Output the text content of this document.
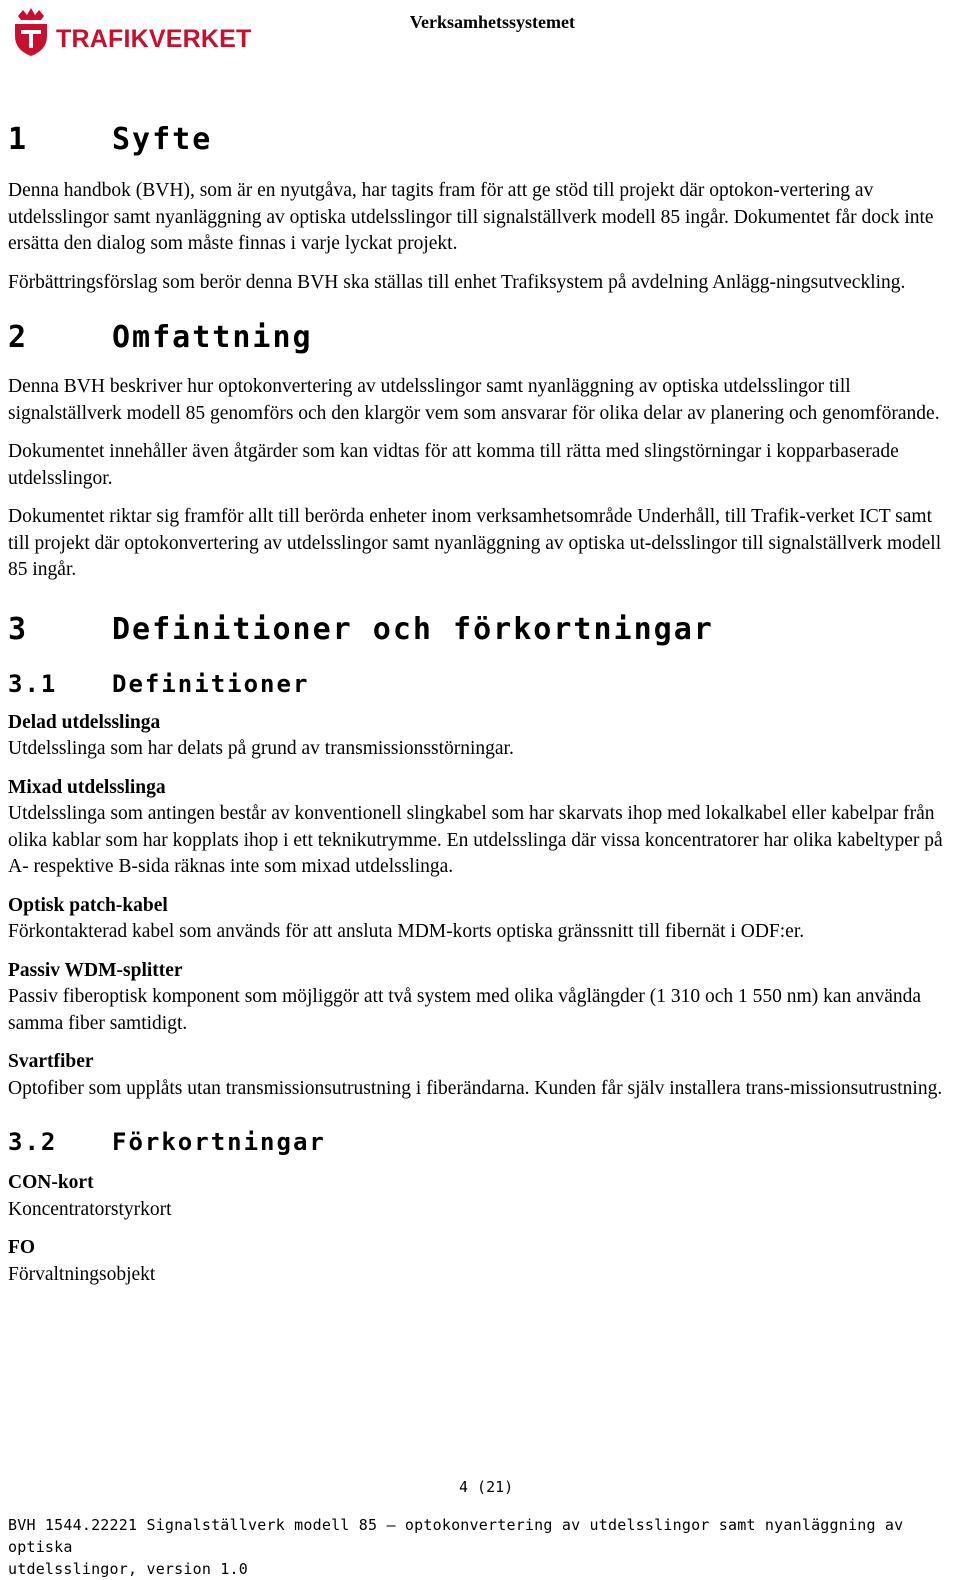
TRAFIKVERKET
Verksamhetssystemet
1	Syfte

Denna handbok (BVH), som är en nyutgåva, har tagits fram för att ge stöd till projekt där optokon-vertering av utdelsslingor samt nyanläggning av optiska utdelsslingor till signalställverk modell 85 ingår. Dokumentet får dock inte ersätta den dialog som måste finnas i varje lyckat projekt.

Förbättringsförslag som berör denna BVH ska ställas till enhet Trafiksystem på avdelning Anlägg-ningsutveckling.

2	Omfattning

Denna BVH beskriver hur optokonvertering av utdelsslingor samt nyanläggning av optiska utdelsslingor till signalställverk modell 85 genomförs och den klargör vem som ansvarar för olika delar av planering och genomförande.

Dokumentet innehåller även åtgärder som kan vidtas för att komma till rätta med slingstörningar i kopparbaserade utdelsslingor.

Dokumentet riktar sig framför allt till berörda enheter inom verksamhetsområde Underhåll, till Trafik-verket ICT samt till projekt där optokonvertering av utdelsslingor samt nyanläggning av optiska ut-delsslingor till signalställverk modell 85 ingår.

3	Definitioner och förkortningar
3.1 Definitioner
Delad utdelsslinga

Utdelsslinga som har delats på grund av transmissionsstörningar.

Mixad utdelsslinga

Utdelsslinga som antingen består av konventionell slingkabel som har skarvats ihop med lokalkabel eller kabelpar från olika kablar som har kopplats ihop i ett teknikutrymme. En utdelsslinga där vissa koncentratorer har olika kabeltyper på A- respektive B-sida räknas inte som mixad utdelsslinga.

Optisk patch-kabel

Förkontakterad kabel som används för att ansluta MDM-korts optiska gränssnitt till fibernät i ODF:er.

Passiv WDM-splitter

Passiv fiberoptisk komponent som möjliggör att två system med olika våglängder (1 310 och 1 550 nm) kan använda samma fiber samtidigt.

Svartfiber

Optofiber som upplåts utan transmissionsutrustning i fiberändarna. Kunden får själv installera trans-missionsutrustning.

3.2 Förkortningar
CON-kort

Koncentratorstyrkort

FO

Förvaltningsobjekt

4 (21)
BVH 1544.22221 Signalställverk modell 85 – optokonvertering av utdelsslingor samt nyanläggning av optiska
utdelsslingor, version 1.0
